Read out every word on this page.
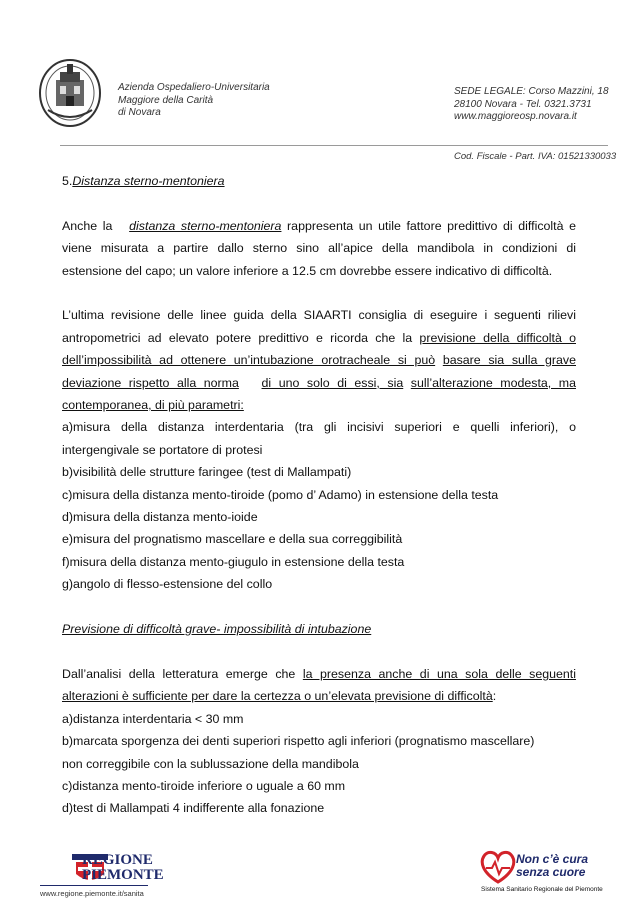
Azienda Ospedaliero-Universitaria
Maggiore della Carità
di Novara
SEDE LEGALE: Corso Mazzini, 18
28100 Novara - Tel. 0321.3731
www.maggioreosp.novara.it
Cod. Fiscale - Part. IVA: 01521330033

5.Distanza sterno-mentoniera

Anche la distanza sterno-mentoniera rappresenta un utile fattore predittivo di difficoltà e

viene misurata a partire dallo sterno sino all’apice della mandibola in condizioni di

estensione del capo; un valore inferiore a 12.5 cm dovrebbe essere indicativo di difficoltà.

L’ultima revisione delle linee guida della SIAARTI consiglia di eseguire i seguenti rilievi

antropometrici ad elevato potere predittivo e ricorda che la previsione della difficoltà o

dell’impossibilità ad ottenere un’intubazione orotracheale si può basare sia sulla grave

deviazione rispetto alla norma di uno solo di essi, sia sull’alterazione modesta, ma

contemporanea, di più parametri:

a)misura della distanza interdentaria (tra gli incisivi superiori e quelli inferiori), o

intergengivale se portatore di protesi

b)visibilità delle strutture faringee (test di Mallampati)

c)misura della distanza mento-tiroide (pomo d’ Adamo) in estensione della testa

d)misura della distanza mento-ioide

e)misura del prognatismo mascellare e della sua correggibilità

f)misura della distanza mento-giugulo in estensione della testa

g)angolo di flesso-estensione del collo

Previsione di difficoltà grave- impossibilità di intubazione

Dall’analisi della letteratura emerge che la presenza anche di una sola delle seguenti

alterazioni è sufficiente per dare la certezza o un’elevata previsione di difficoltà:

a)distanza interdentaria < 30 mm

b)marcata sporgenza dei denti superiori rispetto agli inferiori (prognatismo mascellare)

non correggibile con la sublussazione della mandibola

c)distanza mento-tiroide inferiore o uguale a 60 mm

d)test di Mallampati 4 indifferente alla fonazione

REGIONE
PIEMONTE
www.regione.piemonte.it/sanita
Non c’è cura
senza cuore
Sistema Sanitario Regionale del Piemonte
